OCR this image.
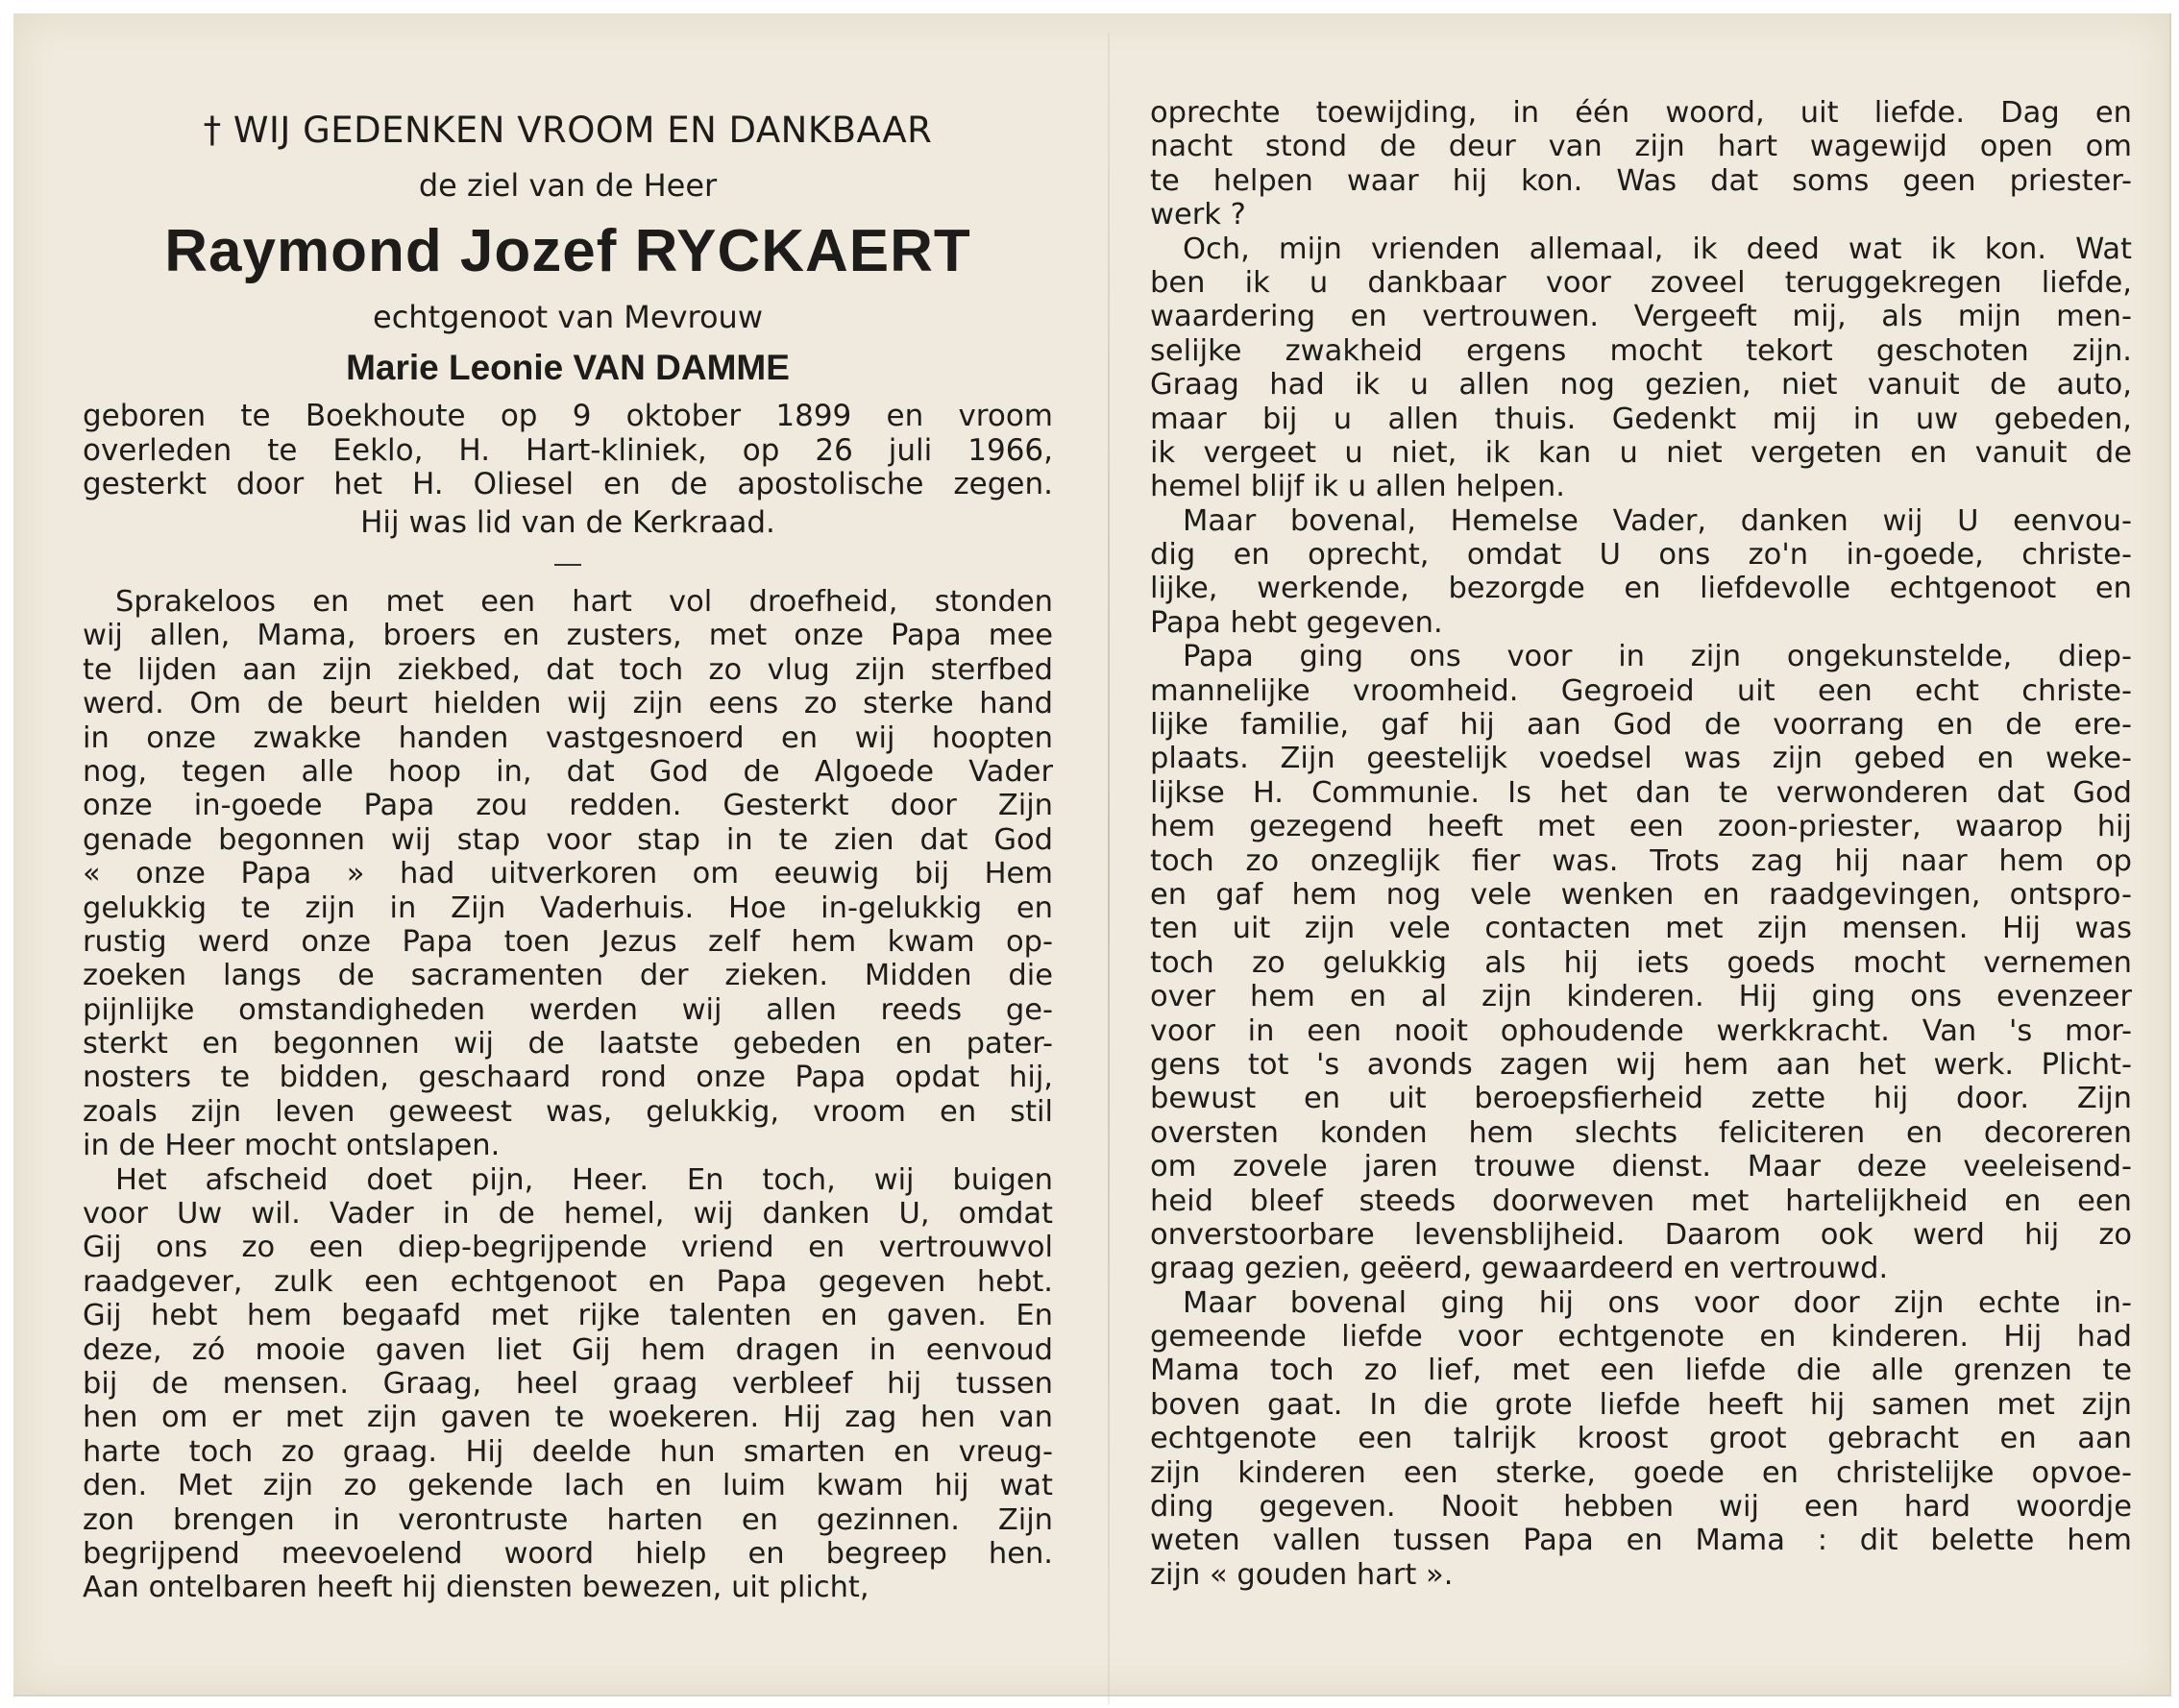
† WIJ GEDENKEN VROOM EN DANKBAAR
de ziel van de Heer
Raymond Jozef RYCKAERT
echtgenoot van Mevrouw
Marie Leonie VAN DAMME

geboren te Boekhoute op 9 oktober 1899 en vroom

overleden te Eeklo, H. Hart-kliniek, op 26 juli 1966,

gesterkt door het H. Oliesel en de apostolische zegen.

Hij was lid van de Kerkraad.
Sprakeloos en met een hart vol droefheid, stonden
wij allen, Mama, broers en zusters, met onze Papa mee
te lijden aan zijn ziekbed, dat toch zo vlug zijn sterfbed
werd. Om de beurt hielden wij zijn eens zo sterke hand
in onze zwakke handen vastgesnoerd en wij hoopten
nog, tegen alle hoop in, dat God de Algoede Vader
onze in-goede Papa zou redden. Gesterkt door Zijn
genade begonnen wij stap voor stap in te zien dat God
« onze Papa » had uitverkoren om eeuwig bij Hem
gelukkig te zijn in Zijn Vaderhuis. Hoe in-gelukkig en
rustig werd onze Papa toen Jezus zelf hem kwam op-
zoeken langs de sacramenten der zieken. Midden die
pijnlijke omstandigheden werden wij allen reeds ge-
sterkt en begonnen wij de laatste gebeden en pater-
nosters te bidden, geschaard rond onze Papa opdat hij,
zoals zijn leven geweest was, gelukkig, vroom en stil
in de Heer mocht ontslapen.
Het afscheid doet pijn, Heer. En toch, wij buigen
voor Uw wil. Vader in de hemel, wij danken U, omdat
Gij ons zo een diep-begrijpende vriend en vertrouwvol
raadgever, zulk een echtgenoot en Papa gegeven hebt.
Gij hebt hem begaafd met rijke talenten en gaven. En
deze, zó mooie gaven liet Gij hem dragen in eenvoud
bij de mensen. Graag, heel graag verbleef hij tussen
hen om er met zijn gaven te woekeren. Hij zag hen van
harte toch zo graag. Hij deelde hun smarten en vreug-
den. Met zijn zo gekende lach en luim kwam hij wat
zon brengen in verontruste harten en gezinnen. Zijn
begrijpend meevoelend woord hielp en begreep hen.
Aan ontelbaren heeft hij diensten bewezen, uit plicht,
oprechte toewijding, in één woord, uit liefde. Dag en
nacht stond de deur van zijn hart wagewijd open om
te helpen waar hij kon. Was dat soms geen priester-
werk ?
Och, mijn vrienden allemaal, ik deed wat ik kon. Wat
ben ik u dankbaar voor zoveel teruggekregen liefde,
waardering en vertrouwen. Vergeeft mij, als mijn men-
selijke zwakheid ergens mocht tekort geschoten zijn.
Graag had ik u allen nog gezien, niet vanuit de auto,
maar bij u allen thuis. Gedenkt mij in uw gebeden,
ik vergeet u niet, ik kan u niet vergeten en vanuit de
hemel blijf ik u allen helpen.
Maar bovenal, Hemelse Vader, danken wij U eenvou-
dig en oprecht, omdat U ons zo'n in-goede, christe-
lijke, werkende, bezorgde en liefdevolle echtgenoot en
Papa hebt gegeven.
Papa ging ons voor in zijn ongekunstelde, diep-
mannelijke vroomheid. Gegroeid uit een echt christe-
lijke familie, gaf hij aan God de voorrang en de ere-
plaats. Zijn geestelijk voedsel was zijn gebed en weke-
lijkse H. Communie. Is het dan te verwonderen dat God
hem gezegend heeft met een zoon-priester, waarop hij
toch zo onzeglijk fier was. Trots zag hij naar hem op
en gaf hem nog vele wenken en raadgevingen, ontspro-
ten uit zijn vele contacten met zijn mensen. Hij was
toch zo gelukkig als hij iets goeds mocht vernemen
over hem en al zijn kinderen. Hij ging ons evenzeer
voor in een nooit ophoudende werkkracht. Van 's mor-
gens tot 's avonds zagen wij hem aan het werk. Plicht-
bewust en uit beroepsfierheid zette hij door. Zijn
oversten konden hem slechts feliciteren en decoreren
om zovele jaren trouwe dienst. Maar deze veeleisend-
heid bleef steeds doorweven met hartelijkheid en een
onverstoorbare levensblijheid. Daarom ook werd hij zo
graag gezien, geëerd, gewaardeerd en vertrouwd.
Maar bovenal ging hij ons voor door zijn echte in-
gemeende liefde voor echtgenote en kinderen. Hij had
Mama toch zo lief, met een liefde die alle grenzen te
boven gaat. In die grote liefde heeft hij samen met zijn
echtgenote een talrijk kroost groot gebracht en aan
zijn kinderen een sterke, goede en christelijke opvoe-
ding gegeven. Nooit hebben wij een hard woordje
weten vallen tussen Papa en Mama : dit belette hem
zijn « gouden hart ».
